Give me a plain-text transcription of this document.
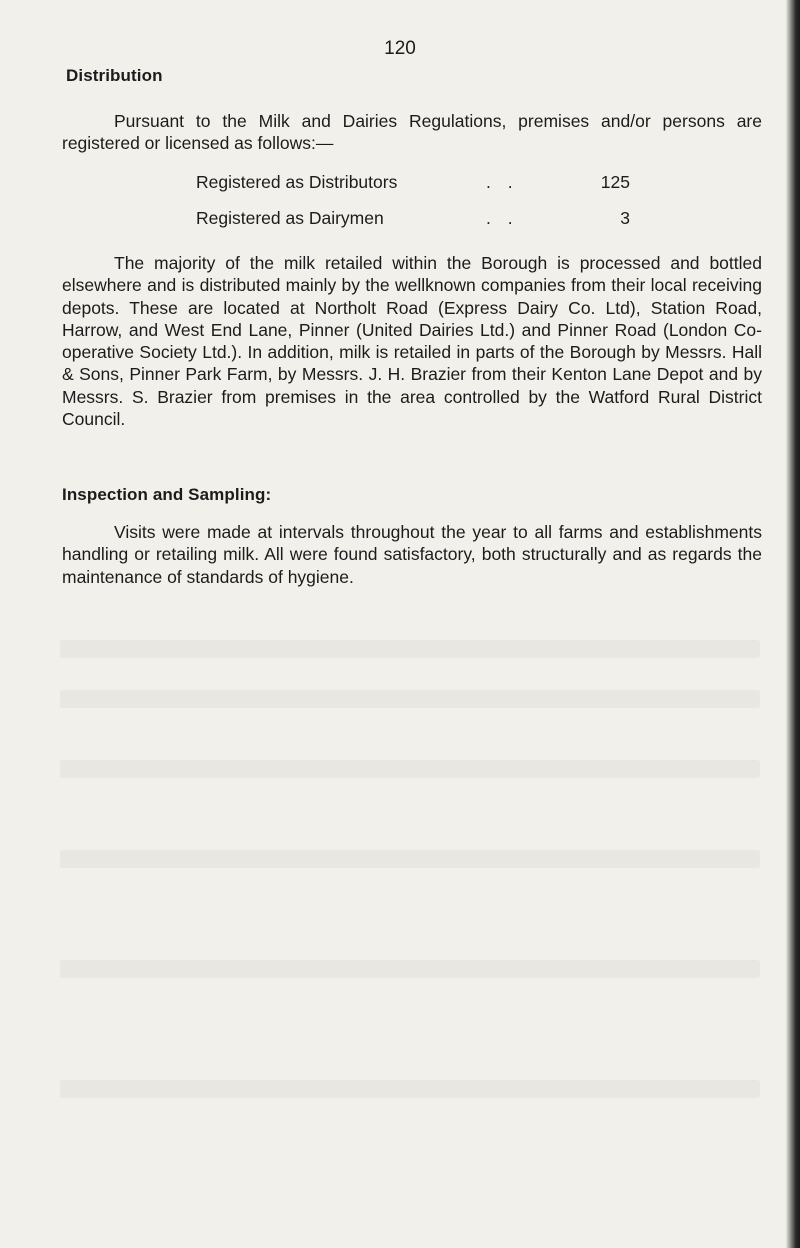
120
Distribution
Pursuant to the Milk and Dairies Regulations, premises and/or persons are registered or licensed as follows:—
Registered as Distributors	. .	125
Registered as Dairymen	. .	3
The majority of the milk retailed within the Borough is processed and bottled elsewhere and is distributed mainly by the wellknown companies from their local receiving depots. These are located at Northolt Road (Express Dairy Co. Ltd), Station Road, Harrow, and West End Lane, Pinner (United Dairies Ltd.) and Pinner Road (London Co-operative Society Ltd.). In addition, milk is retailed in parts of the Borough by Messrs. Hall & Sons, Pinner Park Farm, by Messrs. J. H. Brazier from their Kenton Lane Depot and by Messrs. S. Brazier from premises in the area controlled by the Watford Rural District Council.
Inspection and Sampling:
Visits were made at intervals throughout the year to all farms and establishments handling or retailing milk. All were found satisfactory, both structurally and as regards the maintenance of standards of hygiene.
